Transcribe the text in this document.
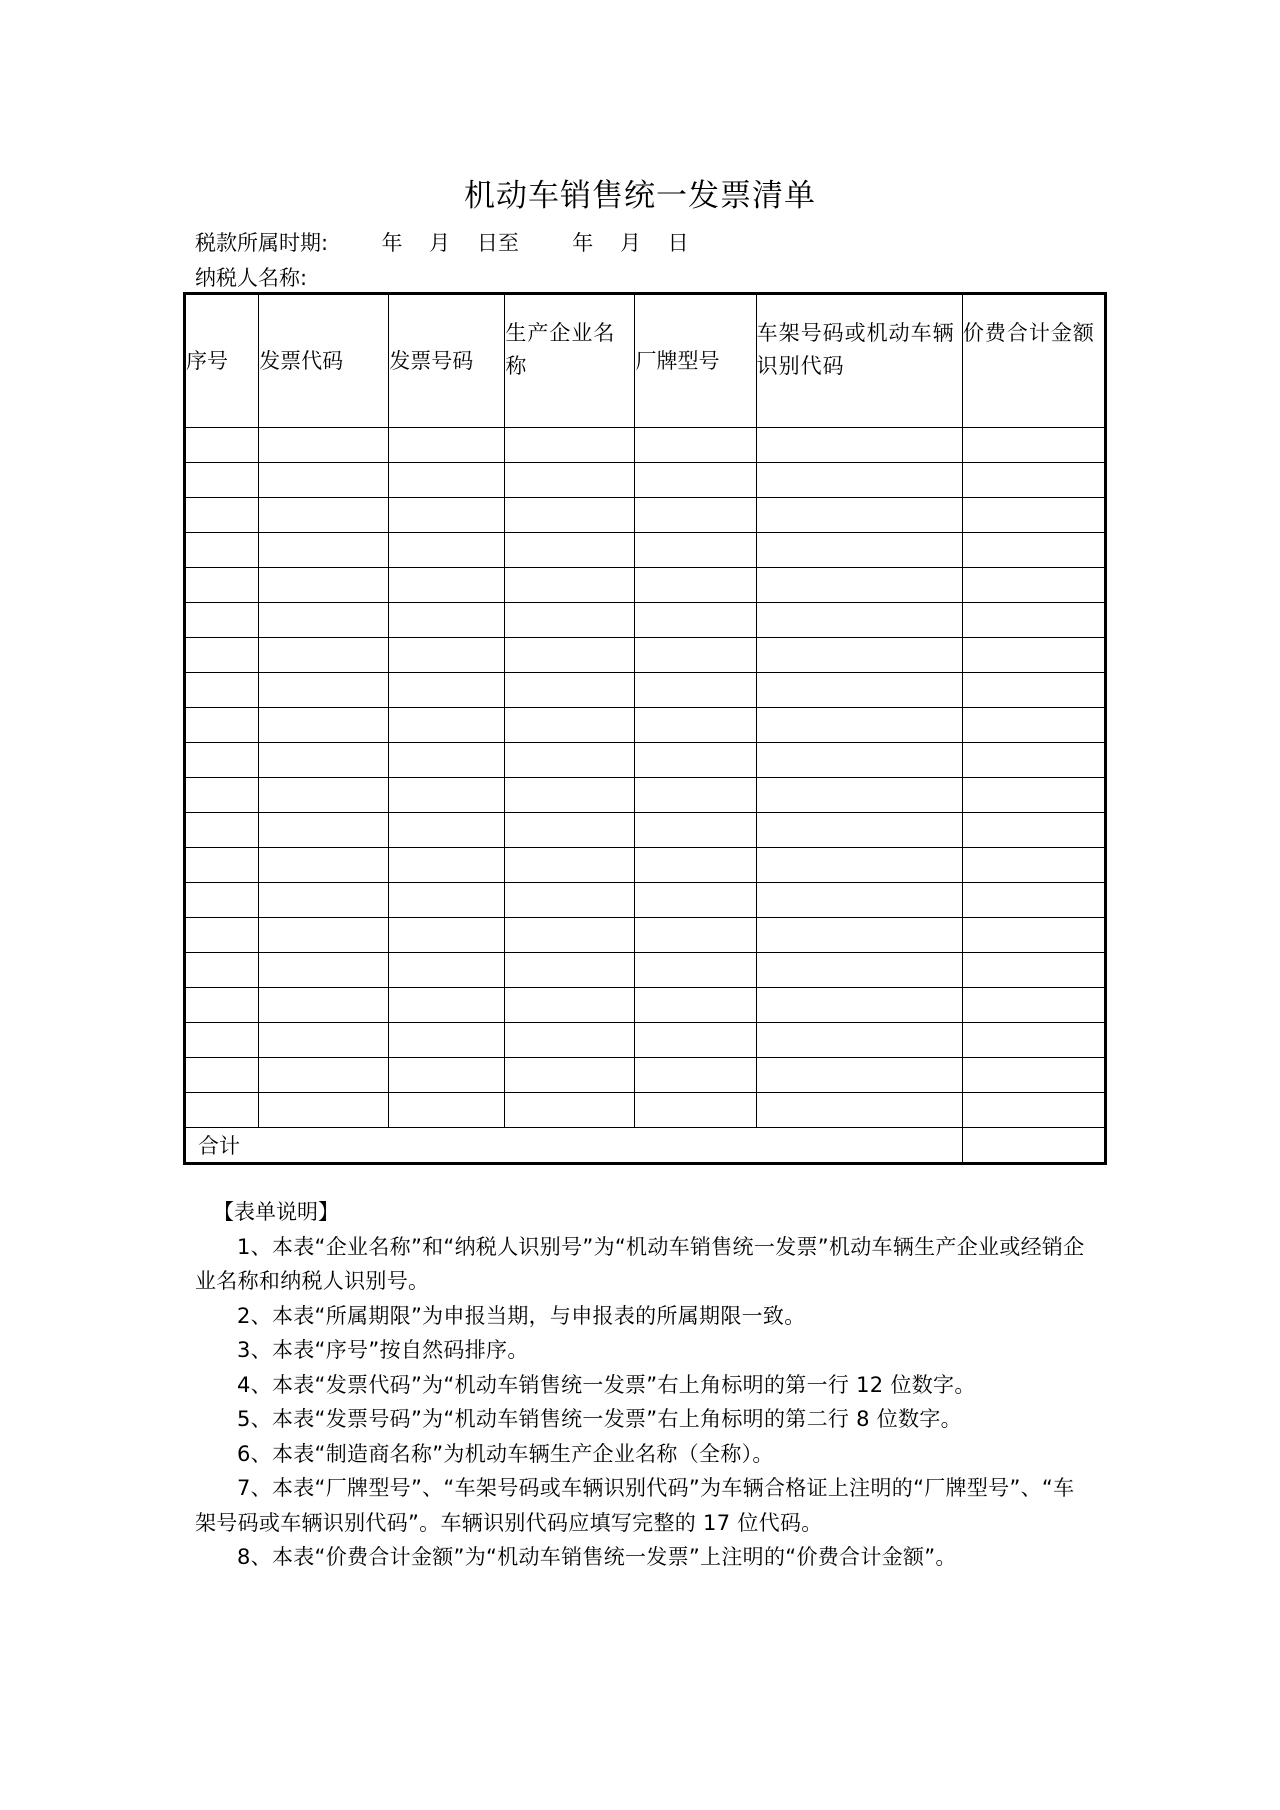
机动车销售统一发票清单
税款所属时期:        年    月    日至        年    月    日
纳税人名称:
序号	发票代码	发票号码	生产企业名称	厂牌型号	车架号码或机动车辆识别代码	价费合计金额

合计						
【表单说明】
1、本表“企业名称”和“纳税人识别号”为“机动车销售统一发票”机动车辆生产企业或经销企业名称和纳税人识别号。
2、本表“所属期限”为申报当期，与申报表的所属期限一致。
3、本表“序号”按自然码排序。
4、本表“发票代码”为“机动车销售统一发票”右上角标明的第一行 12 位数字。
5、本表“发票号码”为“机动车销售统一发票”右上角标明的第二行 8 位数字。
6、本表“制造商名称”为机动车辆生产企业名称（全称）。
7、本表“厂牌型号”、“车架号码或车辆识别代码”为车辆合格证上注明的“厂牌型号”、“车架号码或车辆识别代码”。车辆识别代码应填写完整的 17 位代码。
8、本表“价费合计金额”为“机动车销售统一发票”上注明的“价费合计金额”。
